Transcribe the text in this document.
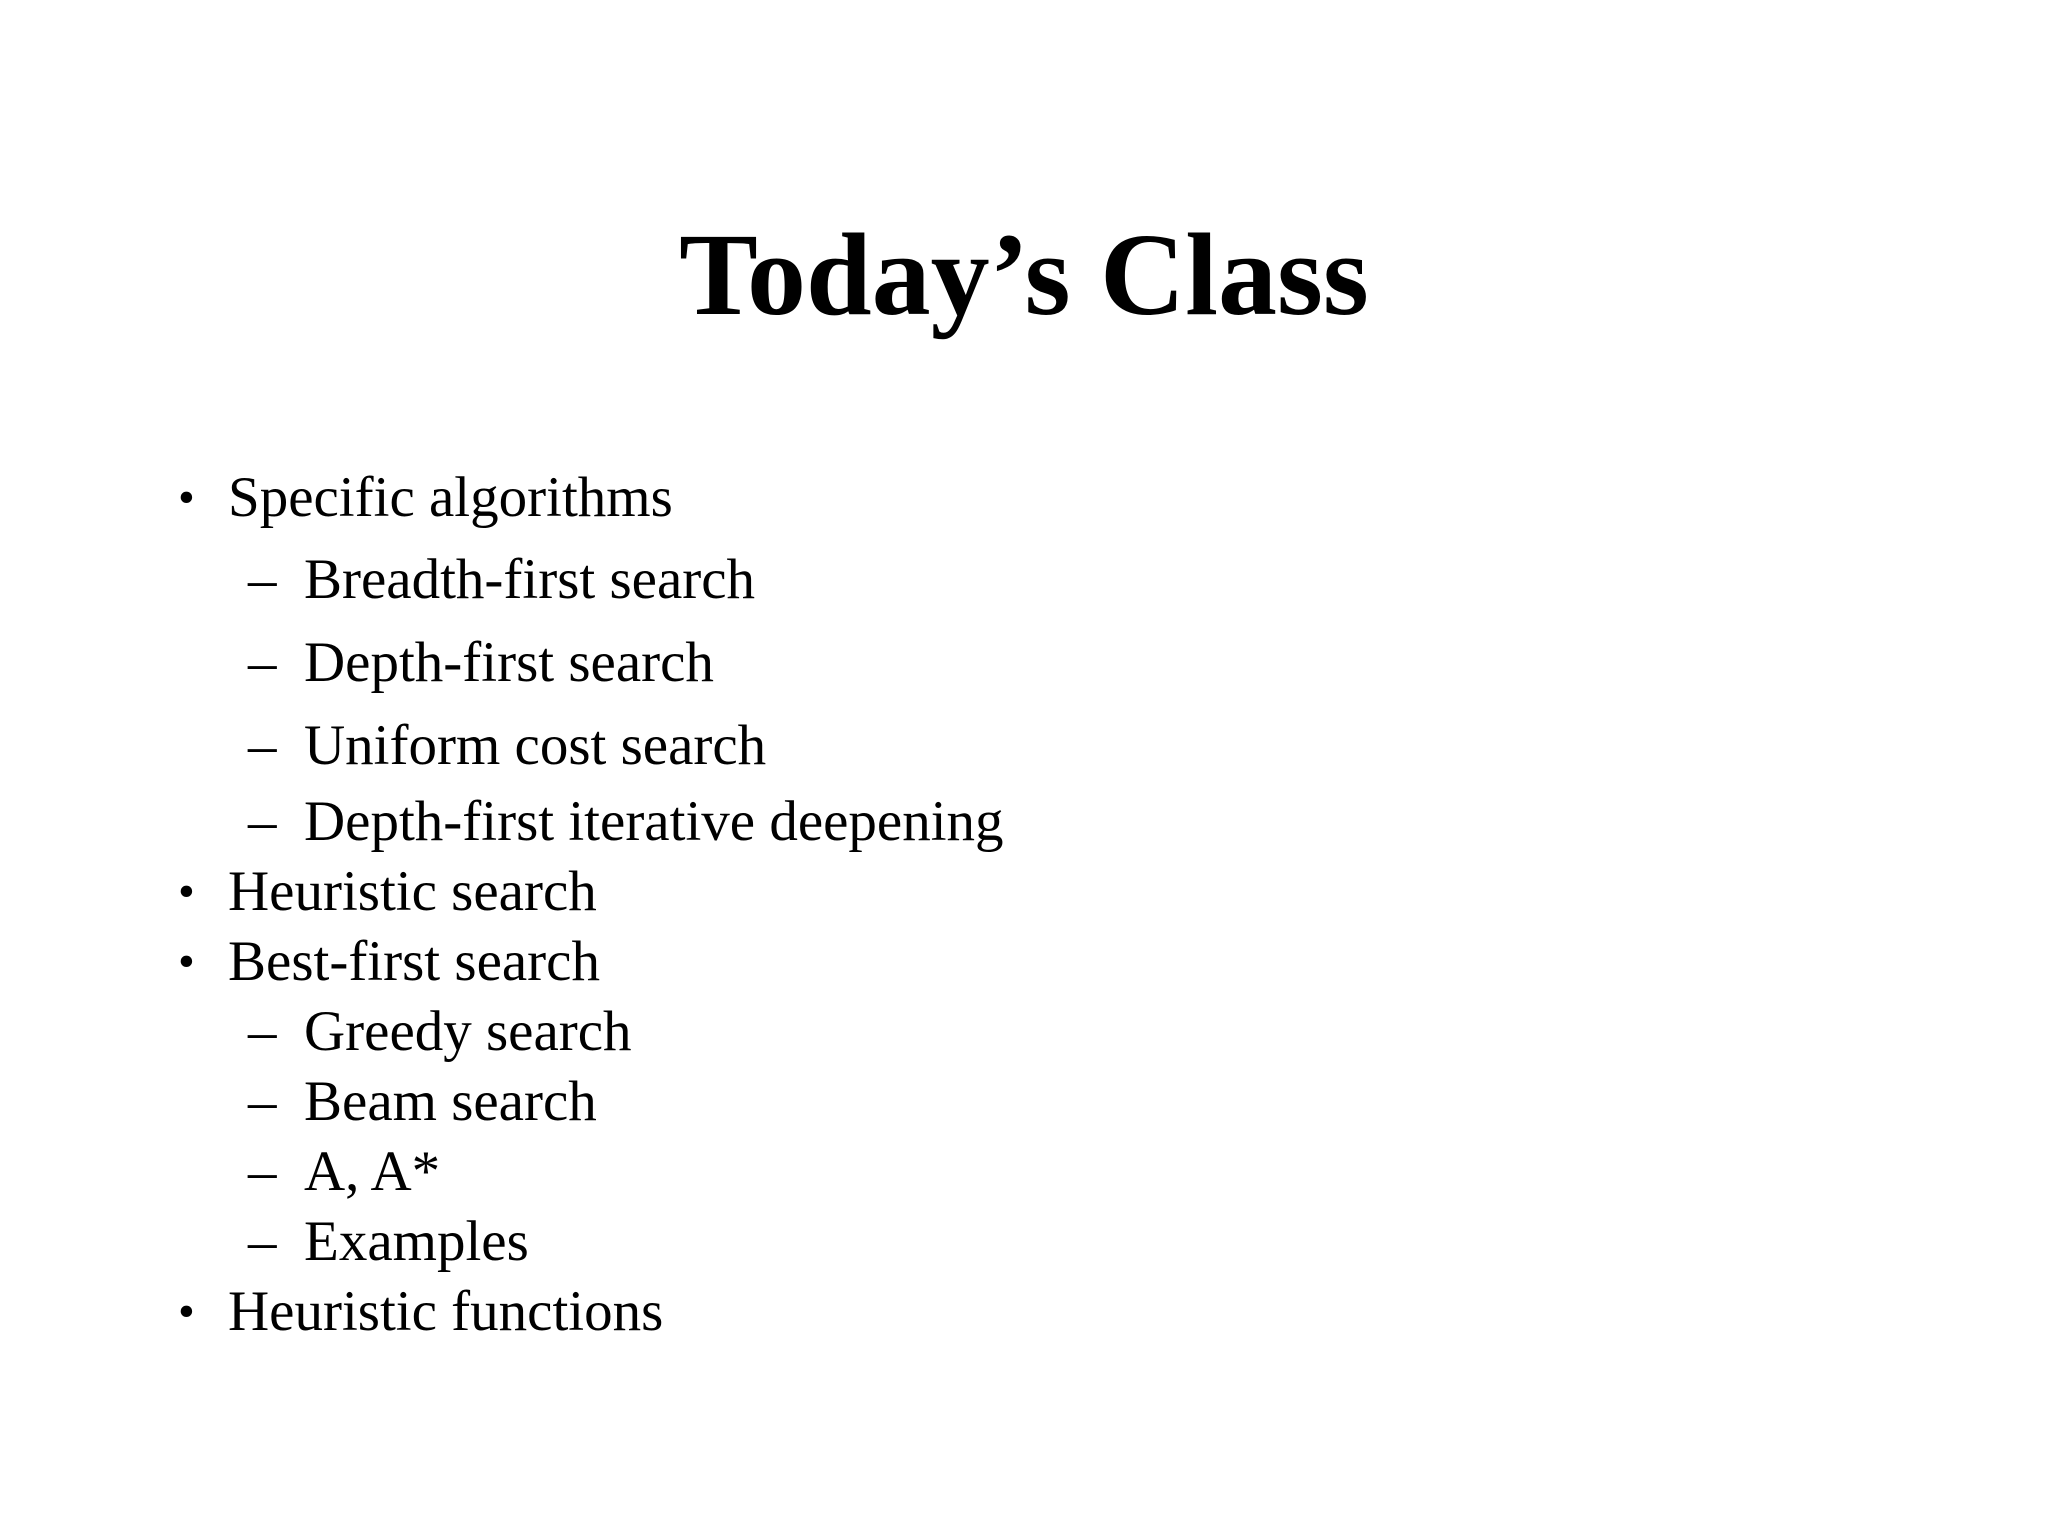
Today’s Class
• Specific algorithms
– Breadth-first search
– Depth-first search
– Uniform cost search
– Depth-first iterative deepening
• Heuristic search
• Best-first search
– Greedy search
– Beam search
– A, A*
– Examples
• Heuristic functions
